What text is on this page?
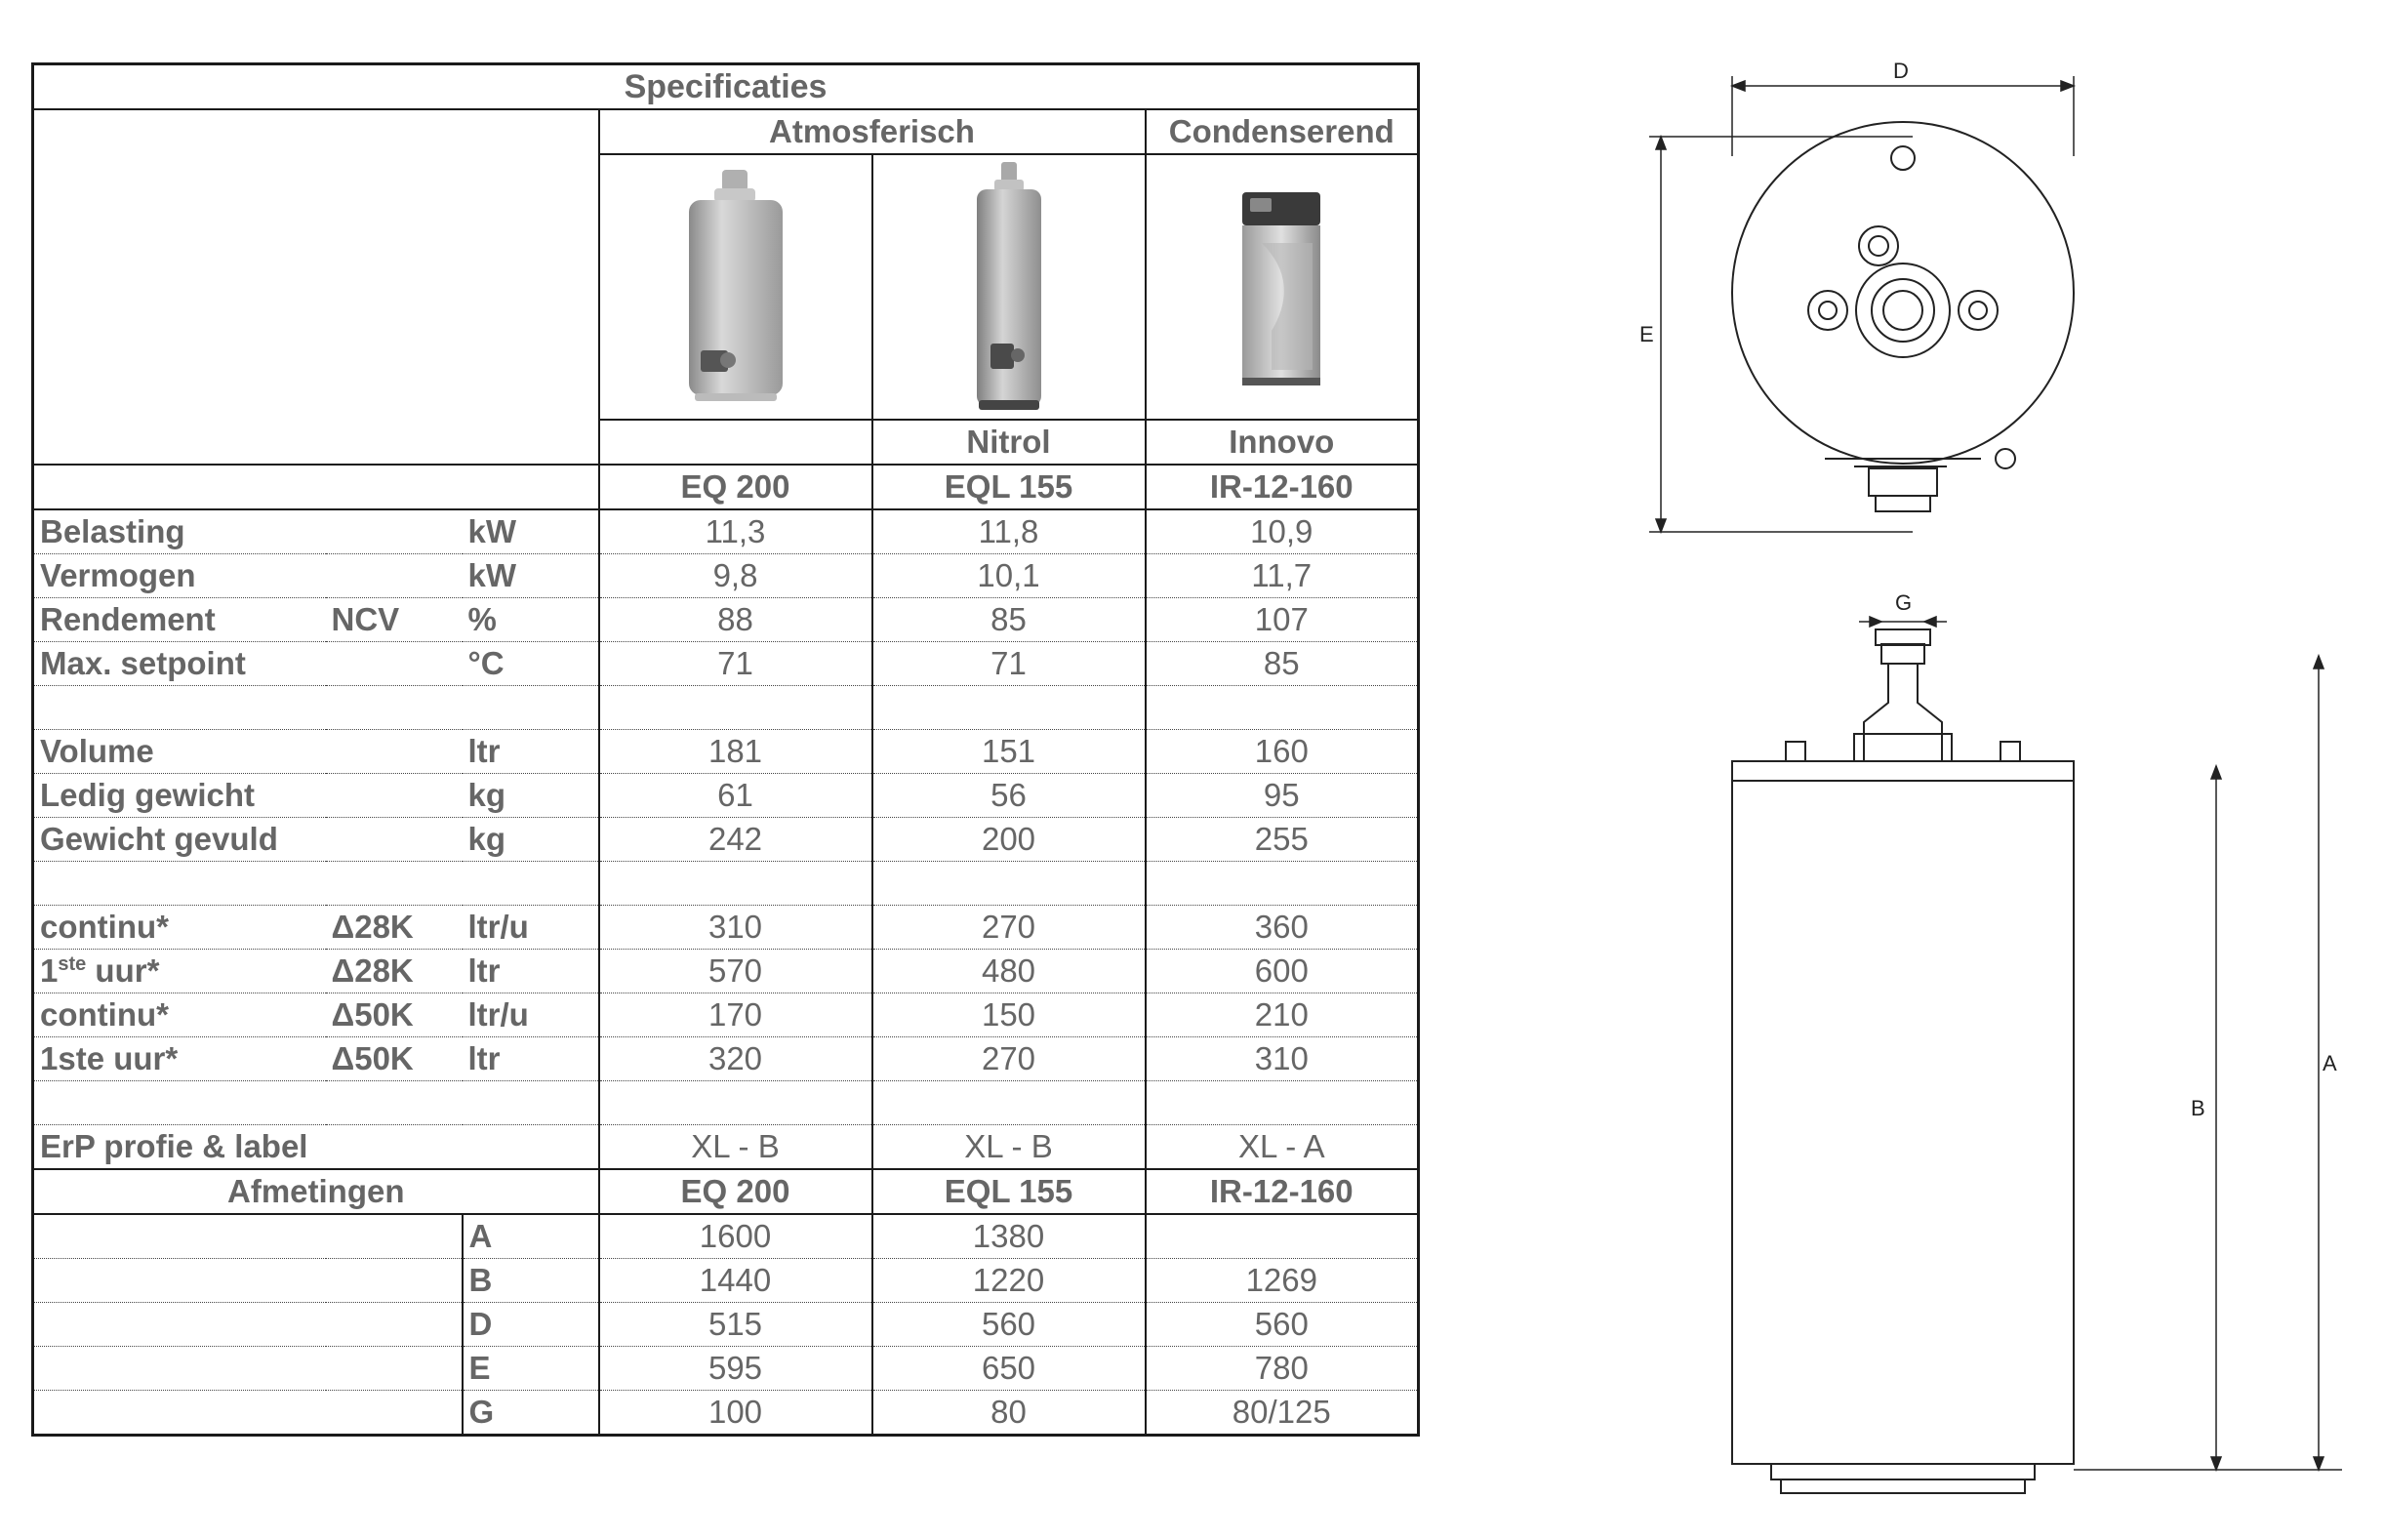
Specificaties					
			Atmosferisch		Condenserend

				Nitrol	Innovo
			EQ 200	EQL 155	IR-12-160
Belasting		kW	11,3	11,8	10,9
Vermogen		kW	9,8	10,1	11,7
Rendement	NCV	%	88	85	107
Max. setpoint		°C	71	71	85

Volume		ltr	181	151	160
Ledig gewicht		kg	61	56	95
Gewicht gevuld		kg	242	200	255

continu*	Δ28K	ltr/u	310	270	360
1ste uur*	Δ28K	ltr	570	480	600
continu*	Δ50K	ltr/u	170	150	210
1ste uur*	Δ50K	ltr	320	270	310

ErP profie & label			XL - B	XL - B	XL - A
Afmetingen			EQ 200	EQL 155	IR-12-160
		A	1600	1380	
		B	1440	1220	1269
		D	515	560	560
		E	595	650	780
		G	100	80	80/125
D
E
G
A
B
